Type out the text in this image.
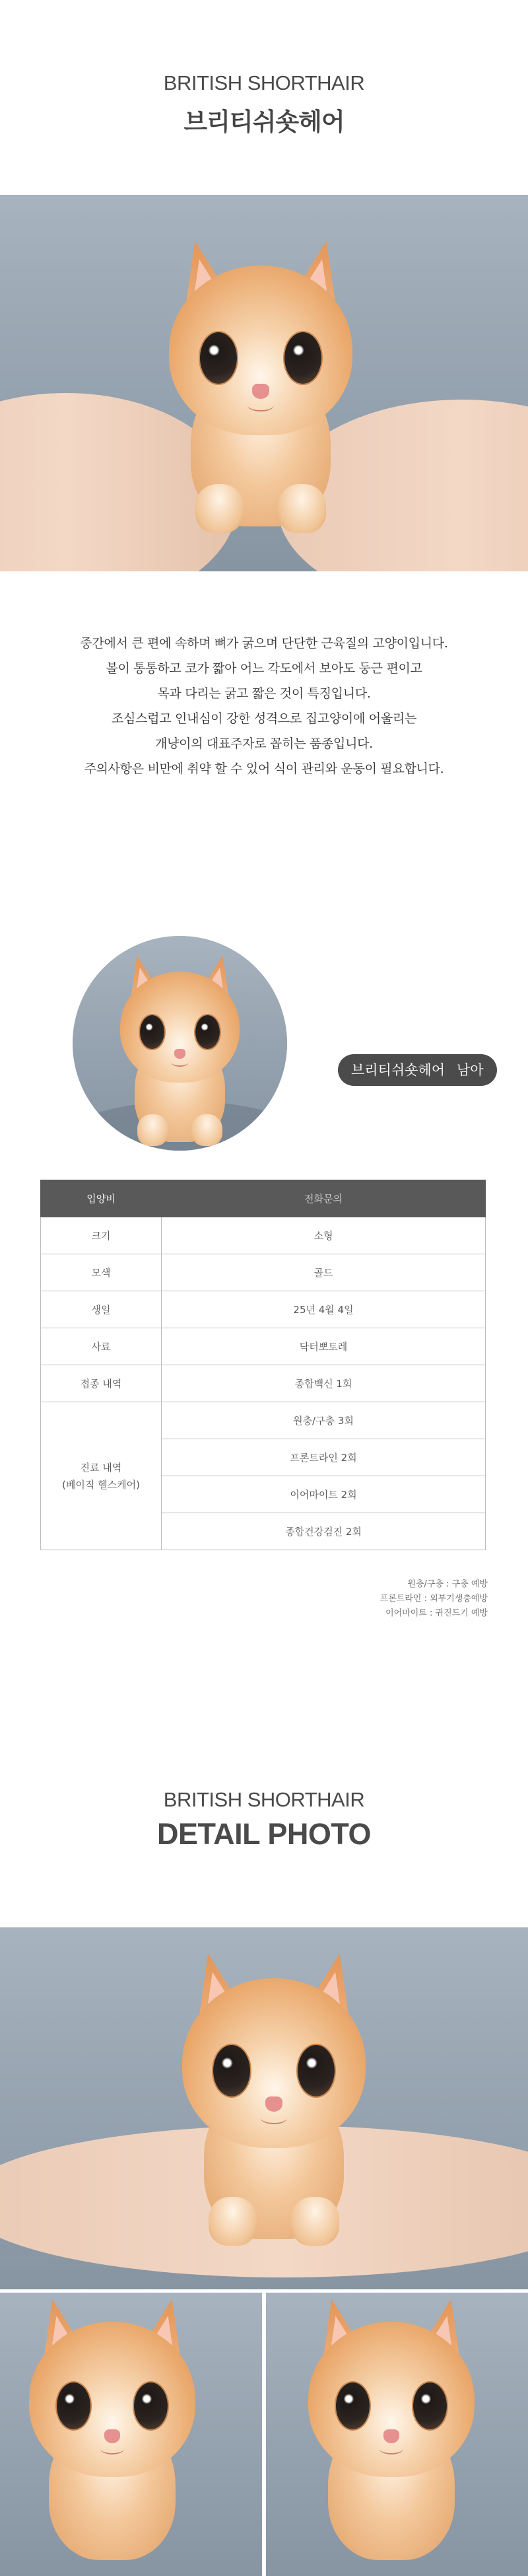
BRITISH SHORTHAIR
브리티쉬숏헤어

중간에서 큰 편에 속하며 뼈가 굵으며 단단한 근육질의 고양이입니다.

볼이 통통하고 코가 짧아 어느 각도에서 보아도 둥근 편이고

목과 다리는 굵고 짧은 것이 특징입니다.

조심스럽고 인내심이 강한 성격으로 집고양이에 어울리는

개냥이의 대표주자로 꼽히는 품종입니다.

주의사항은 비만에 취약 할 수 있어 식이 관리와 운동이 필요합니다.

브리티쉬숏헤어 남아
입양비	전화문의
크기	소형
모색	골드
생일	25년 4월 4일
사료	닥터뽀토레
접종 내역	종합백신 1회

진료 내역
(베이직 헬스케어)	원충/구충 3회
	프론트라인 2회
	이어마이트 2회
	종합건강검진 2회
원충/구충 : 구충 예방
프론트라인 : 외부기생충예방
이어마이트 : 귀진드기 예방
BRITISH SHORTHAIR
DETAIL PHOTO
